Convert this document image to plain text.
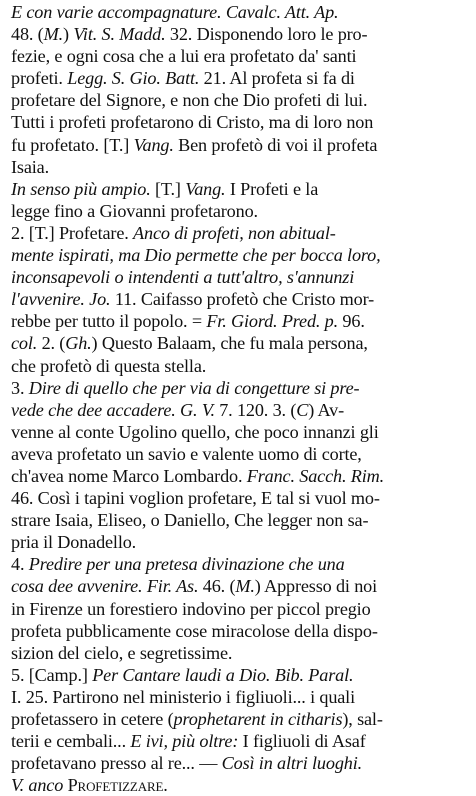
E con varie accompagnature. Cavalc. Att. Ap.
48. (M.) Vit. S. Madd. 32. Disponendo loro le pro-
fezie, e ogni cosa che a lui era profetato da' santi
profeti. Legg. S. Gio. Batt. 21. Al profeta si fa di
profetare del Signore, e non che Dio profeti di lui.
Tutti i profeti profetarono di Cristo, ma di loro non
fu profetato. [T.] Vang. Ben profetò di voi il profeta
Isaia.
In senso più ampio. [T.] Vang. I Profeti e la
legge fino a Giovanni profetarono.
2. [T.] Profetare. Anco di profeti, non abitual-
mente ispirati, ma Dio permette che per bocca loro,
inconsapevoli o intendenti a tutt'altro, s'annunzi
l'avvenire. Jo. 11. Caifasso profetò che Cristo mor-
rebbe per tutto il popolo. = Fr. Giord. Pred. p. 96.
col. 2. (Gh.) Questo Balaam, che fu mala persona,
che profetò di questa stella.
3. Dire di quello che per via di congetture si pre-
vede che dee accadere. G. V. 7. 120. 3. (C) Av-
venne al conte Ugolino quello, che poco innanzi gli
aveva profetato un savio e valente uomo di corte,
ch'avea nome Marco Lombardo. Franc. Sacch. Rim.
46. Così i tapini voglion profetare, E tal si vuol mo-
strare Isaia, Eliseo, o Daniello, Che legger non sa-
pria il Donadello.
4. Predire per una pretesa divinazione che una
cosa dee avvenire. Fir. As. 46. (M.) Appresso di noi
in Firenze un forestiero indovino per piccol pregio
profeta pubblicamente cose miracolose della dispo-
sizion del cielo, e segretissime.
5. [Camp.] Per Cantare laudi a Dio. Bib. Paral.
I. 25. Partirono nel ministerio i figliuoli... i quali
profetassero in cetere (prophetarent in citharis), sal-
terii e cembali... E ivi, più oltre: I figliuoli di Asaf
profetavano presso al re... — Così in altri luoghi.
V. anco Profetizzare.
